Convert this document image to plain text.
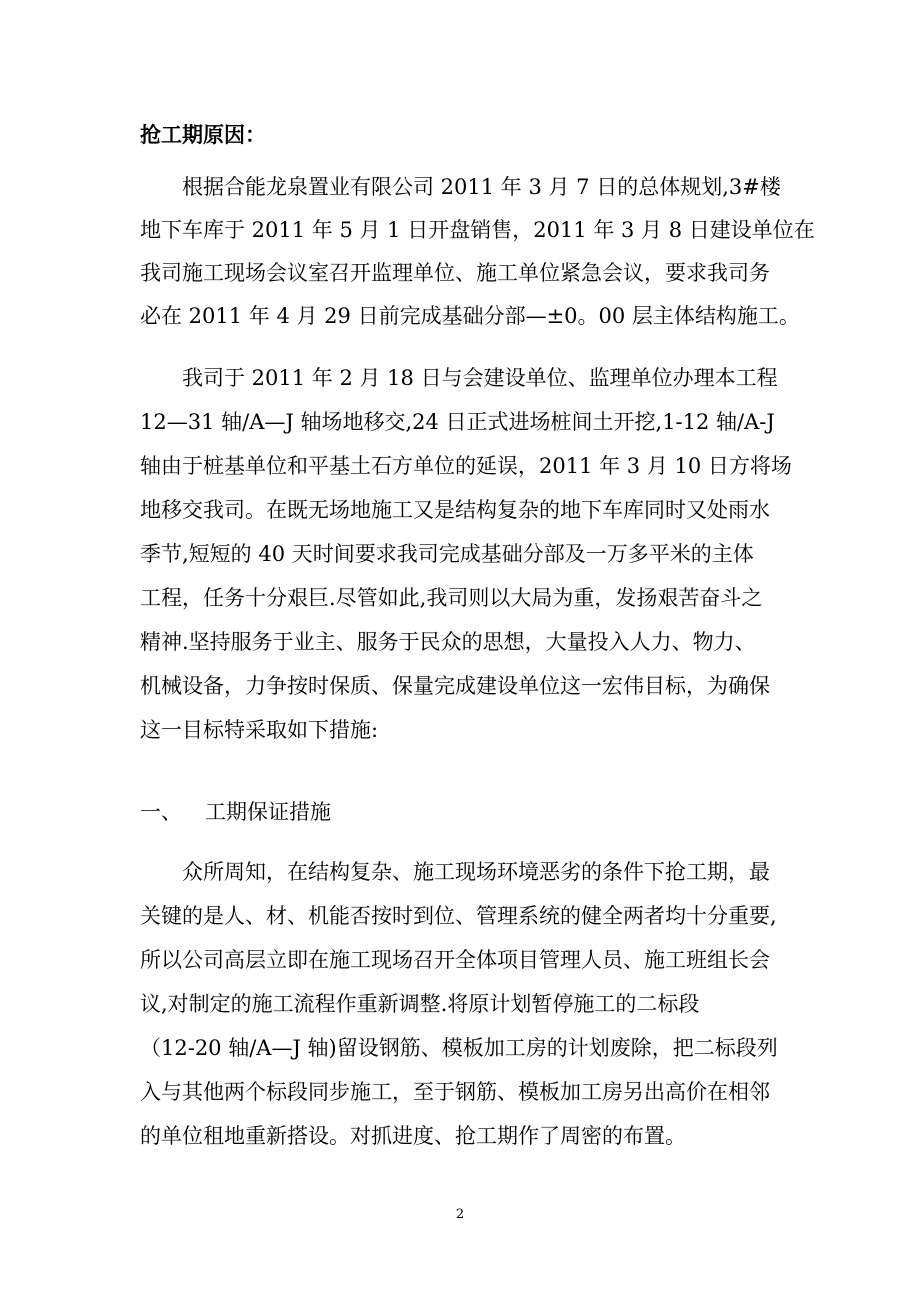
抢工期原因：
根据合能龙泉置业有限公司 2011 年 3 月 7 日的总体规划,3#楼
地下车库于 2011 年 5 月 1 日开盘销售，2011 年 3 月 8 日建设单位在
我司施工现场会议室召开监理单位、施工单位紧急会议，要求我司务
必在 2011 年 4 月 29 日前完成基础分部—±0。00 层主体结构施工。
我司于 2011 年 2 月 18 日与会建设单位、监理单位办理本工程
12—31 轴/A—J 轴场地移交,24 日正式进场桩间土开挖,1-12 轴/A-J
轴由于桩基单位和平基土石方单位的延误，2011 年 3 月 10 日方将场
地移交我司。在既无场地施工又是结构复杂的地下车库同时又处雨水
季节,短短的 40 天时间要求我司完成基础分部及一万多平米的主体
工程，任务十分艰巨.尽管如此,我司则以大局为重，发扬艰苦奋斗之
精神.坚持服务于业主、服务于民众的思想，大量投入人力、物力、
机械设备，力争按时保质、保量完成建设单位这一宏伟目标，为确保
这一目标特采取如下措施:
一、 工期保证措施
众所周知，在结构复杂、施工现场环境恶劣的条件下抢工期，最
关键的是人、材、机能否按时到位、管理系统的健全两者均十分重要,
所以公司高层立即在施工现场召开全体项目管理人员、施工班组长会
议,对制定的施工流程作重新调整.将原计划暂停施工的二标段
（12-20 轴/A—J 轴)留设钢筋、模板加工房的计划废除，把二标段列
入与其他两个标段同步施工，至于钢筋、模板加工房另出高价在相邻
的单位租地重新搭设。对抓进度、抢工期作了周密的布置。
2
